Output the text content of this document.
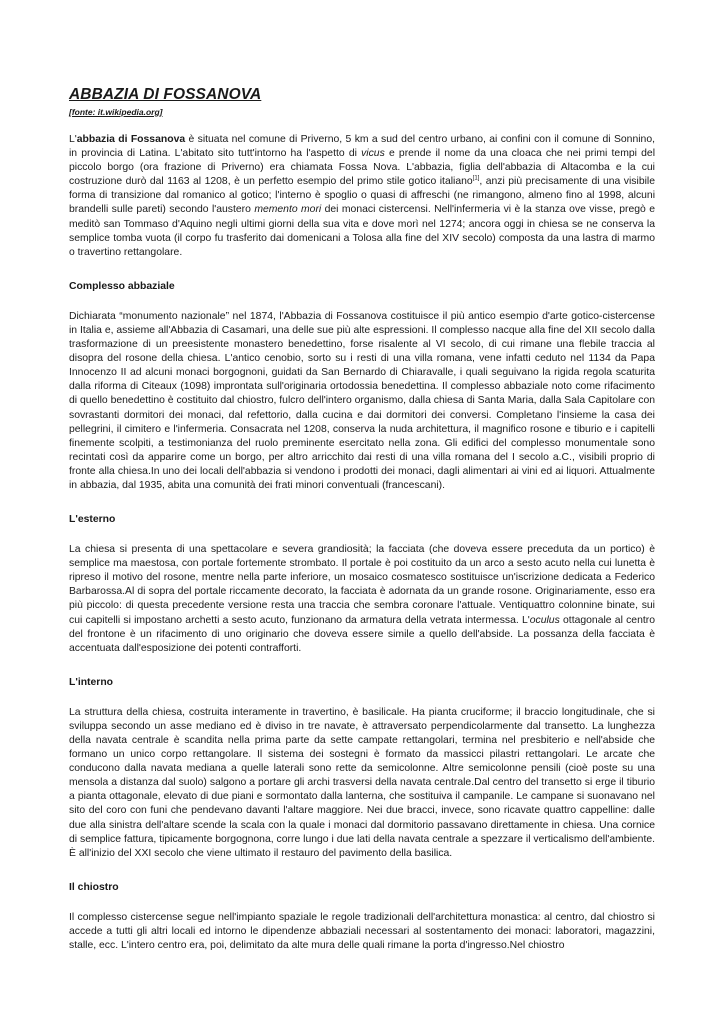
ABBAZIA DI FOSSANOVA
[fonte: it.wikipedia.org]

L'abbazia di Fossanova è situata nel comune di Priverno, 5 km a sud del centro urbano, ai confini con il comune di Sonnino, in provincia di Latina. L'abitato sito tutt'intorno ha l'aspetto di vicus e prende il nome da una cloaca che nei primi tempi del piccolo borgo (ora frazione di Priverno) era chiamata Fossa Nova. L'abbazia, figlia dell'abbazia di Altacomba e la cui costruzione durò dal 1163 al 1208, è un perfetto esempio del primo stile gotico italiano[1], anzi più precisamente di una visibile forma di transizione dal romanico al gotico; l'interno è spoglio o quasi di affreschi (ne rimangono, almeno fino al 1998, alcuni brandelli sulle pareti) secondo l'austero memento mori dei monaci cistercensi. Nell'infermeria vi è la stanza ove visse, pregò e meditò san Tommaso d'Aquino negli ultimi giorni della sua vita e dove morì nel 1274; ancora oggi in chiesa se ne conserva la semplice tomba vuota (il corpo fu trasferito dai domenicani a Tolosa alla fine del XIV secolo) composta da una lastra di marmo o travertino rettangolare.

Complesso abbaziale

Dichiarata “monumento nazionale” nel 1874, l'Abbazia di Fossanova costituisce il più antico esempio d'arte gotico-cistercense in Italia e, assieme all'Abbazia di Casamari, una delle sue più alte espressioni. Il complesso nacque alla fine del XII secolo dalla trasformazione di un preesistente monastero benedettino, forse risalente al VI secolo, di cui rimane una flebile traccia al disopra del rosone della chiesa. L'antico cenobio, sorto su i resti di una villa romana, vene infatti ceduto nel 1134 da Papa Innocenzo II ad alcuni monaci borgognoni, guidati da San Bernardo di Chiaravalle, i quali seguivano la rigida regola scaturita dalla riforma di Citeaux (1098) improntata sull'originaria ortodossia benedettina. Il complesso abbaziale noto come rifacimento di quello benedettino è costituito dal chiostro, fulcro dell'intero organismo, dalla chiesa di Santa Maria, dalla Sala Capitolare con sovrastanti dormitori dei monaci, dal refettorio, dalla cucina e dai dormitori dei conversi. Completano l'insieme la casa dei pellegrini, il cimitero e l'infermeria. Consacrata nel 1208, conserva la nuda architettura, il magnifico rosone e tiburio e i capitelli finemente scolpiti, a testimonianza del ruolo preminente esercitato nella zona. Gli edifici del complesso monumentale sono recintati così da apparire come un borgo, per altro arricchito dai resti di una villa romana del I secolo a.C., visibili proprio di fronte alla chiesa.In uno dei locali dell'abbazia si vendono i prodotti dei monaci, dagli alimentari ai vini ed ai liquori. Attualmente in abbazia, dal 1935, abita una comunità dei frati minori conventuali (francescani).

L'esterno

La chiesa si presenta di una spettacolare e severa grandiosità; la facciata (che doveva essere preceduta da un portico) è semplice ma maestosa, con portale fortemente strombato. Il portale è poi costituito da un arco a sesto acuto nella cui lunetta è ripreso il motivo del rosone, mentre nella parte inferiore, un mosaico cosmatesco sostituisce un'iscrizione dedicata a Federico Barbarossa.Al di sopra del portale riccamente decorato, la facciata è adornata da un grande rosone. Originariamente, esso era più piccolo: di questa precedente versione resta una traccia che sembra coronare l'attuale. Ventiquattro colonnine binate, sui cui capitelli si impostano archetti a sesto acuto, funzionano da armatura della vetrata intermessa. L'oculus ottagonale al centro del frontone è un rifacimento di uno originario che doveva essere simile a quello dell'abside. La possanza della facciata è accentuata dall'esposizione dei potenti contrafforti.

L'interno

La struttura della chiesa, costruita interamente in travertino, è basilicale. Ha pianta cruciforme; il braccio longitudinale, che si sviluppa secondo un asse mediano ed è diviso in tre navate, è attraversato perpendicolarmente dal transetto. La lunghezza della navata centrale è scandita nella prima parte da sette campate rettangolari, termina nel presbiterio e nell'abside che formano un unico corpo rettangolare. Il sistema dei sostegni è formato da massicci pilastri rettangolari. Le arcate che conducono dalla navata mediana a quelle laterali sono rette da semicolonne. Altre semicolonne pensili (cioè poste su una mensola a distanza dal suolo) salgono a portare gli archi trasversi della navata centrale.Dal centro del transetto si erge il tiburio a pianta ottagonale, elevato di due piani e sormontato dalla lanterna, che sostituiva il campanile. Le campane si suonavano nel sito del coro con funi che pendevano davanti l'altare maggiore. Nei due bracci, invece, sono ricavate quattro cappelline: dalle due alla sinistra dell'altare scende la scala con la quale i monaci dal dormitorio passavano direttamente in chiesa. Una cornice di semplice fattura, tipicamente borgognona, corre lungo i due lati della navata centrale a spezzare il verticalismo dell'ambiente. È all'inizio del XXI secolo che viene ultimato il restauro del pavimento della basilica.

Il chiostro

Il complesso cistercense segue nell'impianto spaziale le regole tradizionali dell'architettura monastica: al centro, dal chiostro si accede a tutti gli altri locali ed intorno le dipendenze abbaziali necessari al sostentamento dei monaci: laboratori, magazzini, stalle, ecc. L'intero centro era, poi, delimitato da alte mura delle quali rimane la porta d'ingresso.Nel chiostro
